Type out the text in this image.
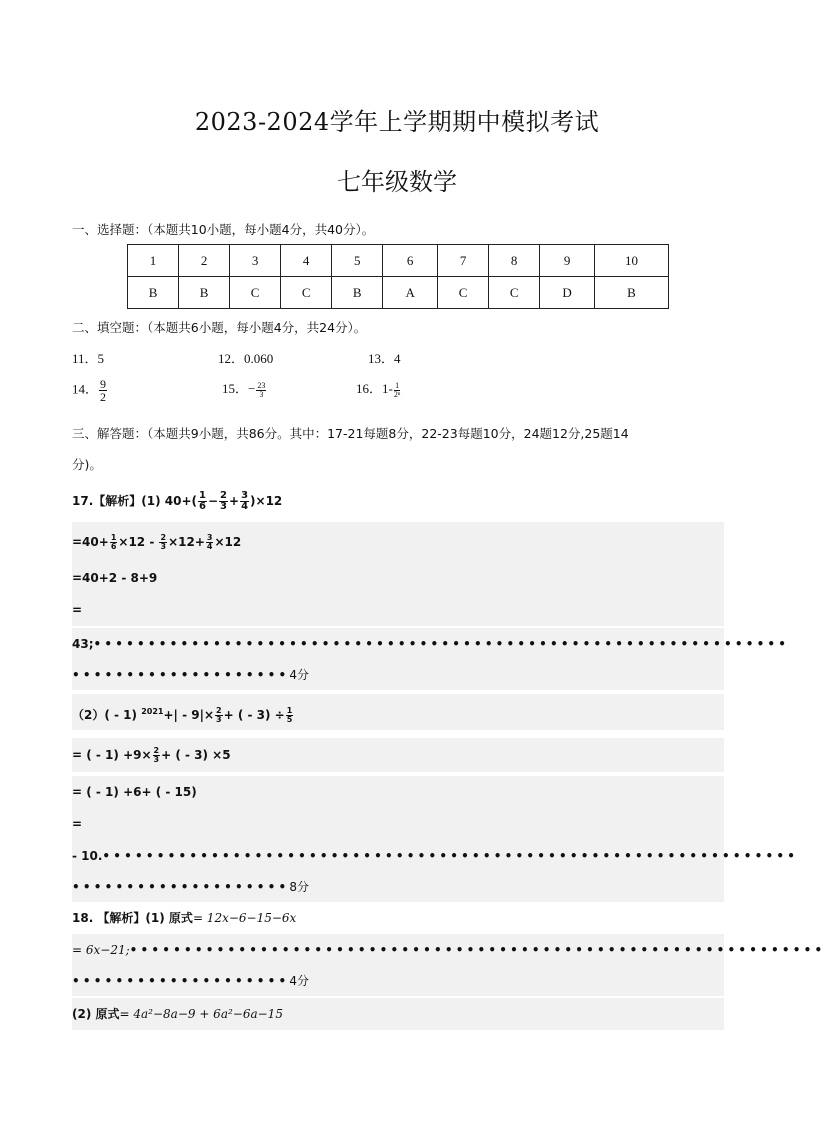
2023-2024学年上学期期中模拟考试
七年级数学
一、选择题：（本题共10小题，每小题4分，共40分）。
1	2	3	4	5	6	7	8	9	10
B	B	C	C	B	A	C	C	D	B
二、填空题：（本题共6小题，每小题4分，共24分）。
11．5	12．0.060	13．4
14． $\frac{9}{2}$	15．− $\frac{23}{3}$	16．$1- \frac{1}{\text{2ⁿ}}$
三、解答题：（本题共9小题，共86分。其中：17-21每题8分，22-23每题10分，24题12分,25题14
分)。
17.【解析】(1) $40+( \frac{1}{6} - \frac{2}{3} + \frac{3}{4} )\times 12$
$=40+ \frac{1}{6} \times 12 - \frac{2}{3} \times 12+ \frac{3}{4} \times 12$
=40+2 - 8+9
=
43;••••••••••••••••••••••••••••••••••••••••••••••••••••••••••••••••
••••••••••••••••••••4分
（2）( - 1) $^{2021}+| - 9|\times \frac{2}{3}$ + ( - $3) \div \frac{1}{5}$
= ( - $1) +9\times \frac{2}{3}$ + ( - 3) ×5
= ( - 1) +6+ ( - 15)
=
- 10.••••••••••••••••••••••••••••••••••••••••••••••••••••••••••••••••
••••••••••••••••••••8分
18. 【解析】(1) 原式= 12x−6−15−6x
= 6x−21;••••••••••••••••••••••••••••••••••••••••••••••••••••••••••••••••
••••••••••••••••••••4分
(2) 原式= 4a²−8a−9 + 6a²−6a−15
